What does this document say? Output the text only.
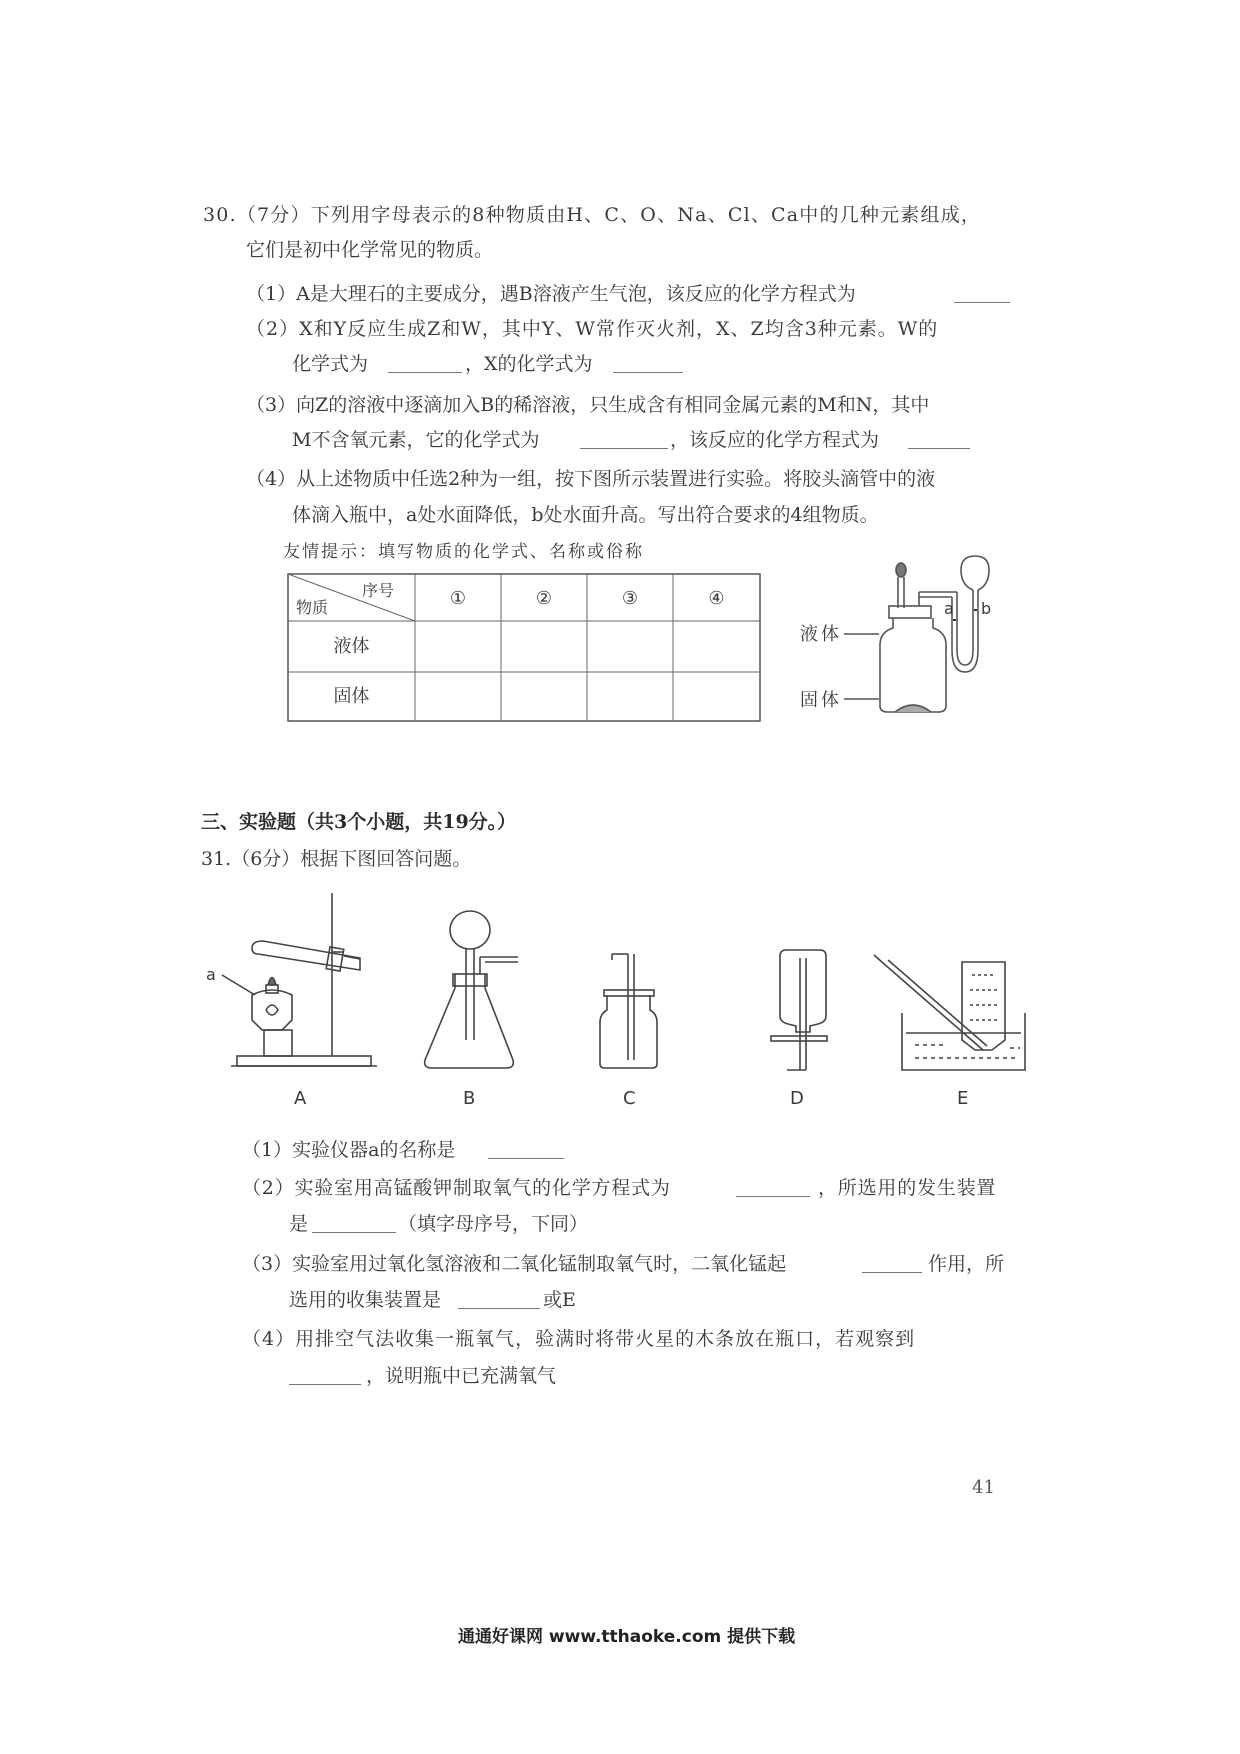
30.（7分）下列用字母表示的8种物质由H、C、O、Na、Cl、Ca中的几种元素组成，
它们是初中化学常见的物质。
（1）A是大理石的主要成分，遇B溶液产生气泡，该反应的化学方程式为
（2）X和Y反应生成Z和W，其中Y、W常作灭火剂，X、Z均含3种元素。W的
化学式为	，X的化学式为
（3）向Z的溶液中逐滴加入B的稀溶液，只生成含有相同金属元素的M和N，其中
M不含氧元素，它的化学式为	，该反应的化学方程式为
（4）从上述物质中任选2种为一组，按下图所示装置进行实验。将胶头滴管中的液
体滴入瓶中，a处水面降低，b处水面升高。写出符合要求的4组物质。
友情提示：填写物质的化学式、名称或俗称
序号
物质	①	②	③	④
液体
固体
a b
液体
固体
三、实验题（共3个小题，共19分。）
31.（6分）根据下图回答问题。
a
A	B	C	D	E
（1）实验仪器a的名称是
（2）实验室用高锰酸钾制取氧气的化学方程式为	，所选用的发生装置
是	（填字母序号，下同）
（3）实验室用过氧化氢溶液和二氧化锰制取氧气时，二氧化锰起	作用，所
选用的收集装置是	或E
（4）用排空气法收集一瓶氧气，验满时将带火星的木条放在瓶口，若观察到
，说明瓶中已充满氧气
41
通通好课网 www.tthaoke.com 提供下载
